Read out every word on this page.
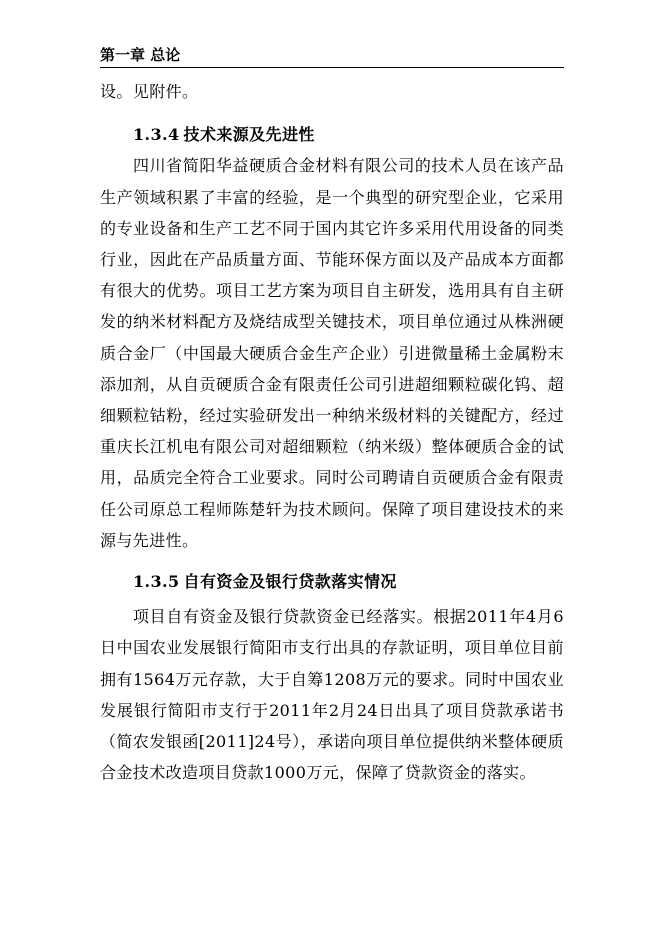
第一章 总论

设。见附件。

1.3.4 技术来源及先进性

四川省简阳华益硬质合金材料有限公司的技术人员在该产品生产领域积累了丰富的经验，是一个典型的研究型企业，它采用的专业设备和生产工艺不同于国内其它许多采用代用设备的同类行业，因此在产品质量方面、节能环保方面以及产品成本方面都有很大的优势。项目工艺方案为项目自主研发，选用具有自主研发的纳米材料配方及烧结成型关键技术，项目单位通过从株洲硬质合金厂（中国最大硬质合金生产企业）引进微量稀土金属粉末添加剂，从自贡硬质合金有限责任公司引进超细颗粒碳化钨、超细颗粒钴粉，经过实验研发出一种纳米级材料的关键配方，经过重庆长江机电有限公司对超细颗粒（纳米级）整体硬质合金的试用，品质完全符合工业要求。同时公司聘请自贡硬质合金有限责任公司原总工程师陈楚轩为技术顾问。保障了项目建设技术的来源与先进性。

1.3.5 自有资金及银行贷款落实情况

项目自有资金及银行贷款资金已经落实。根据2011年4月6日中国农业发展银行简阳市支行出具的存款证明，项目单位目前拥有1564万元存款，大于自筹1208万元的要求。同时中国农业发展银行简阳市支行于2011年2月24日出具了项目贷款承诺书（简农发银函[2011]24号），承诺向项目单位提供纳米整体硬质合金技术改造项目贷款1000万元，保障了贷款资金的落实。
